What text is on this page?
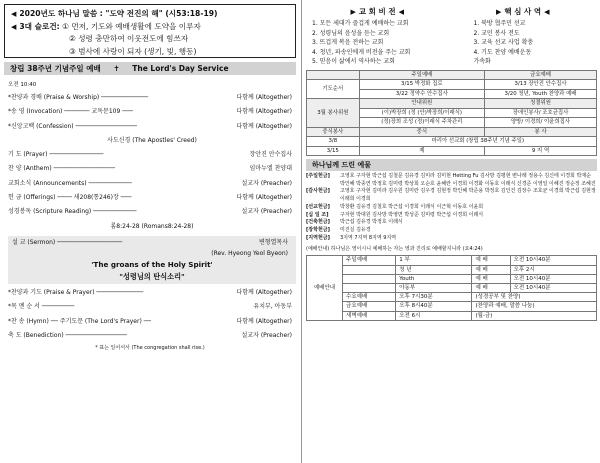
◀ 2020년도 하나님 말씀 : "도약 전진의 해" (시53:18-19)
◀ 3대 슬로건: ① 먼저, 기도와 예배생활에 도약을 이루자
② 성령 충만하여 이웃전도에 힘쓰자
③ 범사에 사랑이 되자 (생기, 빛, 행동)
창립 38주년 기념주일 예배 ✝ The Lord's Day Service
오전 10:40
*찬양과 경배 (Praise & Worship) ─────────────	다함께 (Altogether)
*송 영 (Invocation) ─────── 교독문109 ───	다함께 (Altogether)
*신앙고백 (Confession) ─────────────────	다함께 (Altogether)
사도신경 (The Apostles' Creed)
기 도 (Prayer) ───────────────	장안진 안수집사
찬 양 (Anthem) ─────────────────	임마누엘 찬양대
교회소식 (Announcements) ────────────	설교자 (Preacher)
헌 금 (Offerings) ──── 새208(통246)장 ───	다함께 (Altogether)
성경봉독 (Scripture Reading) ────────────	설교자 (Preacher)
롬8:24-28 (Romans8:24-28)
설 교 (Sermon) ──────────────────	변형열목사
(Rev. Hyeong Yeol Byeon)
'The groans of the Holy Spirit'
"성령님의 탄식소리"
*찬양과 기도 (Praise & Prayer) ─────────────	다함께 (Altogether)
*목 멘 순 서 ─────────	유치부, 아동부
*찬 송 (Hymn) ── 주기도문 (The Lord's Prayer) ──	다함께 (Altogether)
축 도 (Benediction) ─────────────────	설교자 (Preacher)
* 표는 일어서서 (The congregation shall rise.)
▶ 교 회 비 전 ◀	▶ 핵 심 사 역 ◀
1. 모든 세대가 즐겁게 예배하는 교회
2. 성령님의 음성을 듣는 교회
3. 뜨겁게 복음 전하는 교회
4. 청년, 파송인에게 비전을 주는 교회
5. 믿음이 삶에서 역사하는 교회
1. 북방 협주민 선교
2. 교민 봉사 전도
3. 교육 선교 사업 확충
4. 기도 찬양 예배운동
가속화
	주일예배	금요예배
기도순서	3/15 박정화 집로	3/13 장안진 안수집사
	3/22 정약수 안수집사	3/20 청년, Youth 찬양과 예배
3월 봉사위원	안내위원	청결위원
	(이)박장희 (정 (안)박장희/이래식)	장애인봉사/ 조호균집사
	(정)장희 조성 (정)이래식 주차관리	양방/ 이경희/ 이윤희집사
중식봉사	중식	봉 사
3/8	마리아 선교회 (창립 38주년 기념 주일)	
3/15	제	9 지 역
하나님께 드린 예물
[주일헌금]	고영호 구자현 박근섭 김철문 김유경 김미라 김미현 Hetting Fu 김사방 김평현 변나래 정용수 김신태 이경희 박재순 박인혜 박종연 박정호 김미령 박상희 오순호 윤혜란 이경희 이경화 이동호 이래식 신경준 이영일 이혜진 정순정 조혜진
[감사헌금]	고영호 구자현 김미라 김우원 김미란 김우경 김현정 박인혜 박준용 박정호 김인건 김장수 조호균 이경희 박근섭 김현정 이래희 이경희
[선교헌금]	박창환 김유경 김철호 박근섭 이경희 이래식 이근혁 이동호 이윤희
[십 일 조]	구자현 박대원 김사방 박영면 박성준 김미령 박근섭 이경희 이래식
[건축헌금]	박근섭 김유경 박정호 이래식
[장학헌금]	미진실 김유경
[지역헌금]	3지역 7지역 8지역 9지역
(예배안내) 하나님은 영이시니 예배하는 자는 영과 진리로 예배할지니라 (요4:24)
예배안내	주일예배	1 부	예 배	오전 10시40분
		청 년	예 배	오후 2시
		Youth	예 배	오전 10시40분
		아동부	예 배	오전 10시40분
	수요예배	오후 7시30분	(성경공부 및 찬양)	
	금요예배	오후 8시40분	(찬양과 예배, 말씀 나눔)	
	새벽예배	오전 6시	(월-금)	
